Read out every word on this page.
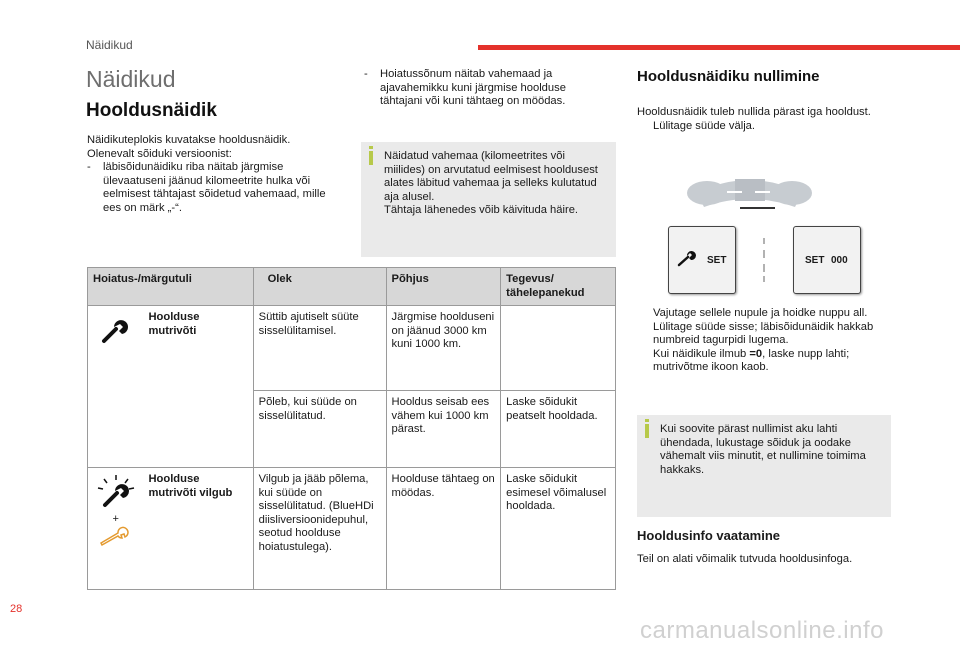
Näidikud
Näidikud
Hooldusnäidik
Näidikuteplokis kuvatakse hooldusnäidik.
Olenevalt sõiduki versioonist:
- läbisõidunäidiku riba näitab järgmise ülevaatuseni jäänud kilomeetrite hulka või eelmisest tähtajast sõidetud vahemaad, mille ees on märk „-“.
- Hoiatussõnum näitab vahemaad ja ajavahemikku kuni järgmise hoolduse tähtajani või kuni tähtaeg on möödas.
Näidatud vahemaa (kilomeetrites või miilides) on arvutatud eelmisest hooldusest alates läbitud vahemaa ja selleks kulutatud aja alusel.
Tähtaja lähenedes võib käivituda häire.
Hoiatus-/märgutuli		Olek	Põhjus	Tegevus/ tähelepanekud
	Hoolduse mutrivõti	Süttib ajutiselt süüte sisselülitamisel.	Järgmise hoolduseni on jäänud 3000 km kuni 1000 km.	
		Põleb, kui süüde on sisselülitatud.	Hooldus seisab ees vähem kui 1000 km pärast.	Laske sõidukit peatselt hooldada.

+	Hoolduse mutrivõti vilgub	Vilgub ja jääb põlema, kui süüde on sisselülitatud. (BlueHDi diisliversioonidepuhul, seotud hoolduse hoiatustulega).	Hoolduse tähtaeg on möödas.	Laske sõidukit esimesel võimalusel hooldada.
Hooldusnäidiku nullimine
Hooldusnäidik tuleb nullida pärast iga hooldust.
Lülitage süüde välja.
SET	SET 000
Vajutage sellele nupule ja hoidke nuppu all.
Lülitage süüde sisse; läbisõidunäidik hakkab numbreid tagurpidi lugema.
Kui näidikule ilmub =0, laske nupp lahti; mutrivõtme ikoon kaob.
Kui soovite pärast nullimist aku lahti ühendada, lukustage sõiduk ja oodake vähemalt viis minutit, et nullimine toimima hakkaks.
Hooldusinfo vaatamine
Teil on alati võimalik tutvuda hooldusinfoga.
28
carmanualsonline.info
